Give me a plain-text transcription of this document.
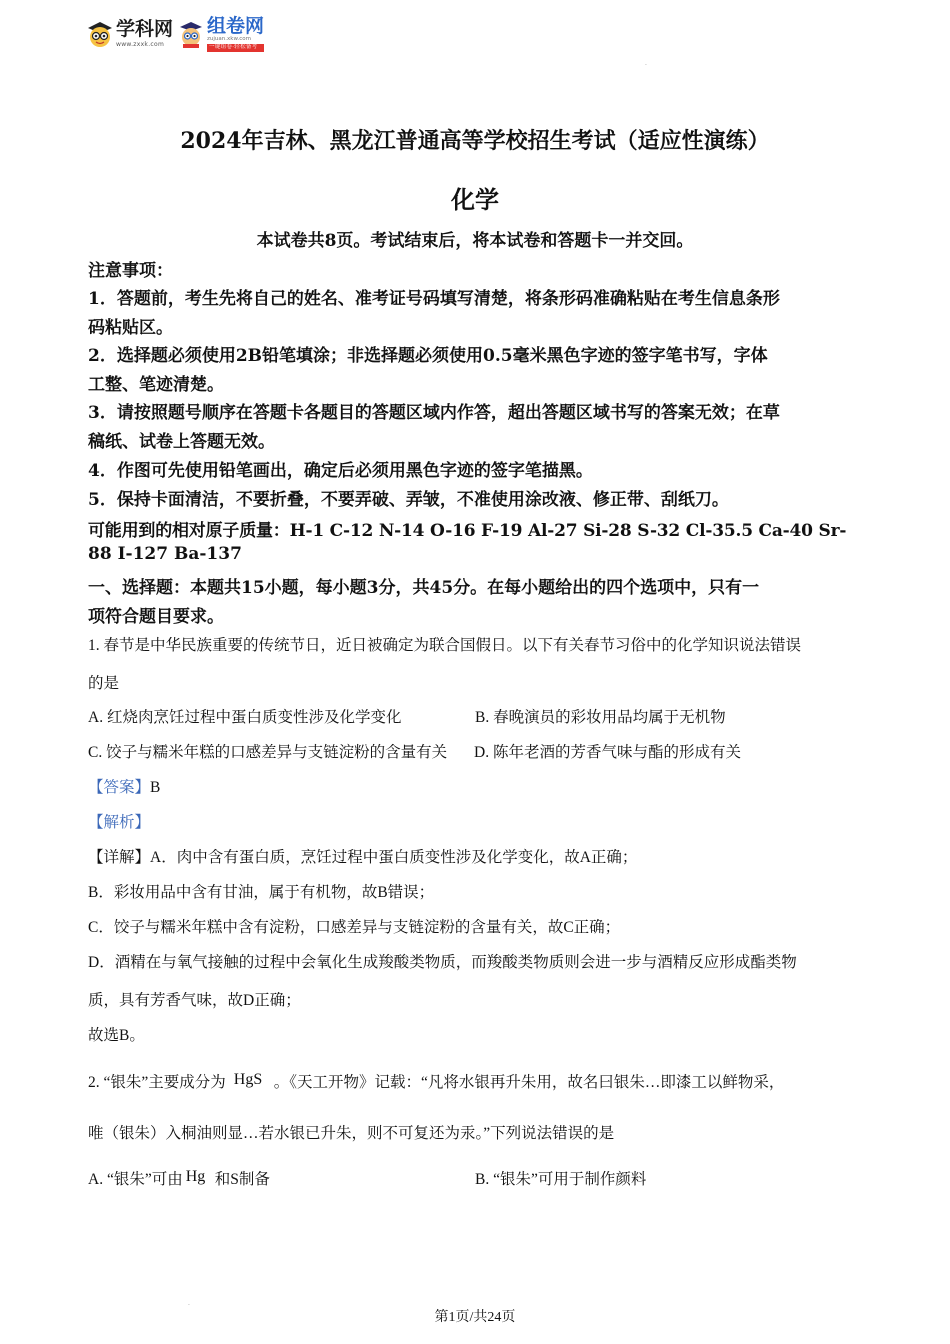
学科网
www.zxxk.com
组卷网
zujuan.xkw.com
一键组卷·轻松备考
.
2024年吉林、黑龙江普通高等学校招生考试（适应性演练）
化学
本试卷共8页。考试结束后，将本试卷和答题卡一并交回。
注意事项：
1．答题前，考生先将自己的姓名、准考证号码填写清楚，将条形码准确粘贴在考生信息条形
码粘贴区。
2．选择题必须使用2B铅笔填涂；非选择题必须使用0.5毫米黑色字迹的签字笔书写，字体
工整、笔迹清楚。
3．请按照题号顺序在答题卡各题目的答题区域内作答，超出答题区域书写的答案无效；在草
稿纸、试卷上答题无效。
4．作图可先使用铅笔画出，确定后必须用黑色字迹的签字笔描黑。
5．保持卡面清洁，不要折叠，不要弄破、弄皱，不准使用涂改液、修正带、刮纸刀。
可能用到的相对原子质量：H-1 C-12 N-14 O-16 F-19 Al-27 Si-28 S-32 Cl-35.5 Ca-40 Sr-
88 I-127 Ba-137
一、选择题：本题共15小题，每小题3分，共45分。在每小题给出的四个选项中，只有一
项符合题目要求。
1. 春节是中华民族重要的传统节日，近日被确定为联合国假日。以下有关春节习俗中的化学知识说法错误
的是
A. 红烧肉烹饪过程中蛋白质变性涉及化学变化	B. 春晚演员的彩妆用品均属于无机物
C. 饺子与糯米年糕的口感差异与支链淀粉的含量有关 D. 陈年老酒的芳香气味与酯的形成有关
【答案】B
【解析】
【详解】A．肉中含有蛋白质，烹饪过程中蛋白质变性涉及化学变化，故A正确；
B．彩妆用品中含有甘油，属于有机物，故B错误；
C．饺子与糯米年糕中含有淀粉，口感差异与支链淀粉的含量有关，故C正确；
D．酒精在与氧气接触的过程中会氧化生成羧酸类物质，而羧酸类物质则会进一步与酒精反应形成酯类物
质，具有芳香气味，故D正确；
故选B。
2. “银朱”主要成分为 HgS 。《天工开物》记载：“凡将水银再升朱用，故名曰银朱…即漆工以鲜物采，
唯（银朱）入桐油则显…若水银已升朱，则不可复还为汞。”下列说法错误的是
A. “银朱”可由 Hg 和S制备	B. “银朱”可用于制作颜料
.
第1页/共24页
